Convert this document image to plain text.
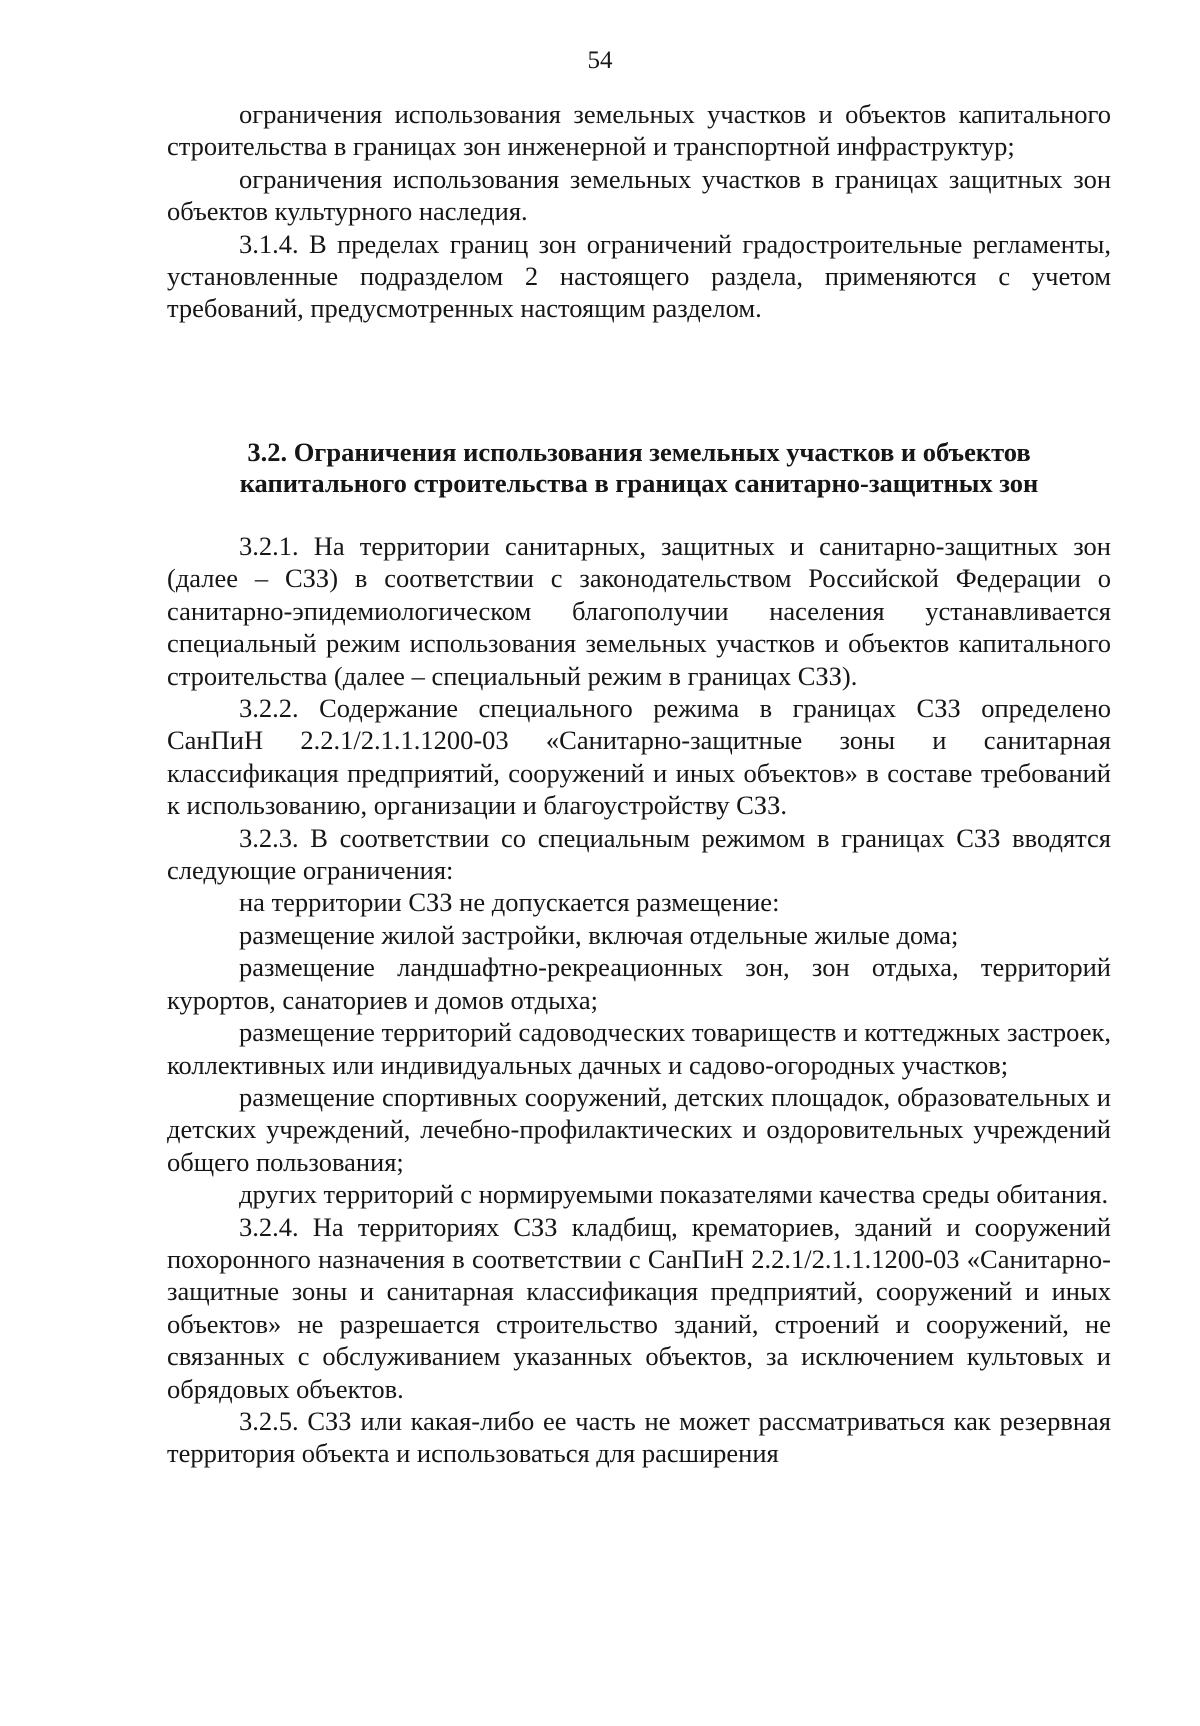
54

ограничения использования земельных участков и объектов капитального строительства в границах зон инженерной и транспортной инфраструктур;

ограничения использования земельных участков в границах защитных зон объектов культурного наследия.

3.1.4. В пределах границ зон ограничений градостроительные регламенты, установленные подразделом 2 настоящего раздела, применяются с учетом требований, предусмотренных настоящим разделом.

3.2. Ограничения использования земельных участков и объектов

капитального строительства в границах санитарно-защитных зон

3.2.1. На территории санитарных, защитных и санитарно-защитных зон (далее – СЗЗ) в соответствии с законодательством Российской Федерации о санитарно-эпидемиологическом благополучии населения устанавливается специальный режим использования земельных участков и объектов капитального строительства (далее – специальный режим в границах СЗЗ).

3.2.2. Содержание специального режима в границах СЗЗ определено СанПиН 2.2.1/2.1.1.1200-03 «Санитарно-защитные зоны и санитарная классификация предприятий, сооружений и иных объектов» в составе требований к использованию, организации и благоустройству СЗЗ.

3.2.3. В соответствии со специальным режимом в границах СЗЗ вводятся следующие ограничения:

на территории СЗЗ не допускается размещение:

размещение жилой застройки, включая отдельные жилые дома;

размещение ландшафтно-рекреационных зон, зон отдыха, территорий курортов, санаториев и домов отдыха;

размещение территорий садоводческих товариществ и коттеджных застроек, коллективных или индивидуальных дачных и садово-огородных участков;

размещение спортивных сооружений, детских площадок, образовательных и детских учреждений, лечебно-профилактических и оздоровительных учреждений общего пользования;

других территорий с нормируемыми показателями качества среды обитания.

3.2.4. На территориях СЗЗ кладбищ, крематориев, зданий и сооружений похоронного назначения в соответствии с СанПиН 2.2.1/2.1.1.1200-03 «Санитарно-защитные зоны и санитарная классификация предприятий, сооружений и иных объектов» не разрешается строительство зданий, строений и сооружений, не связанных с обслуживанием указанных объектов, за исключением культовых и обрядовых объектов.

3.2.5. СЗЗ или какая-либо ее часть не может рассматриваться как резервная территория объекта и использоваться для расширения
